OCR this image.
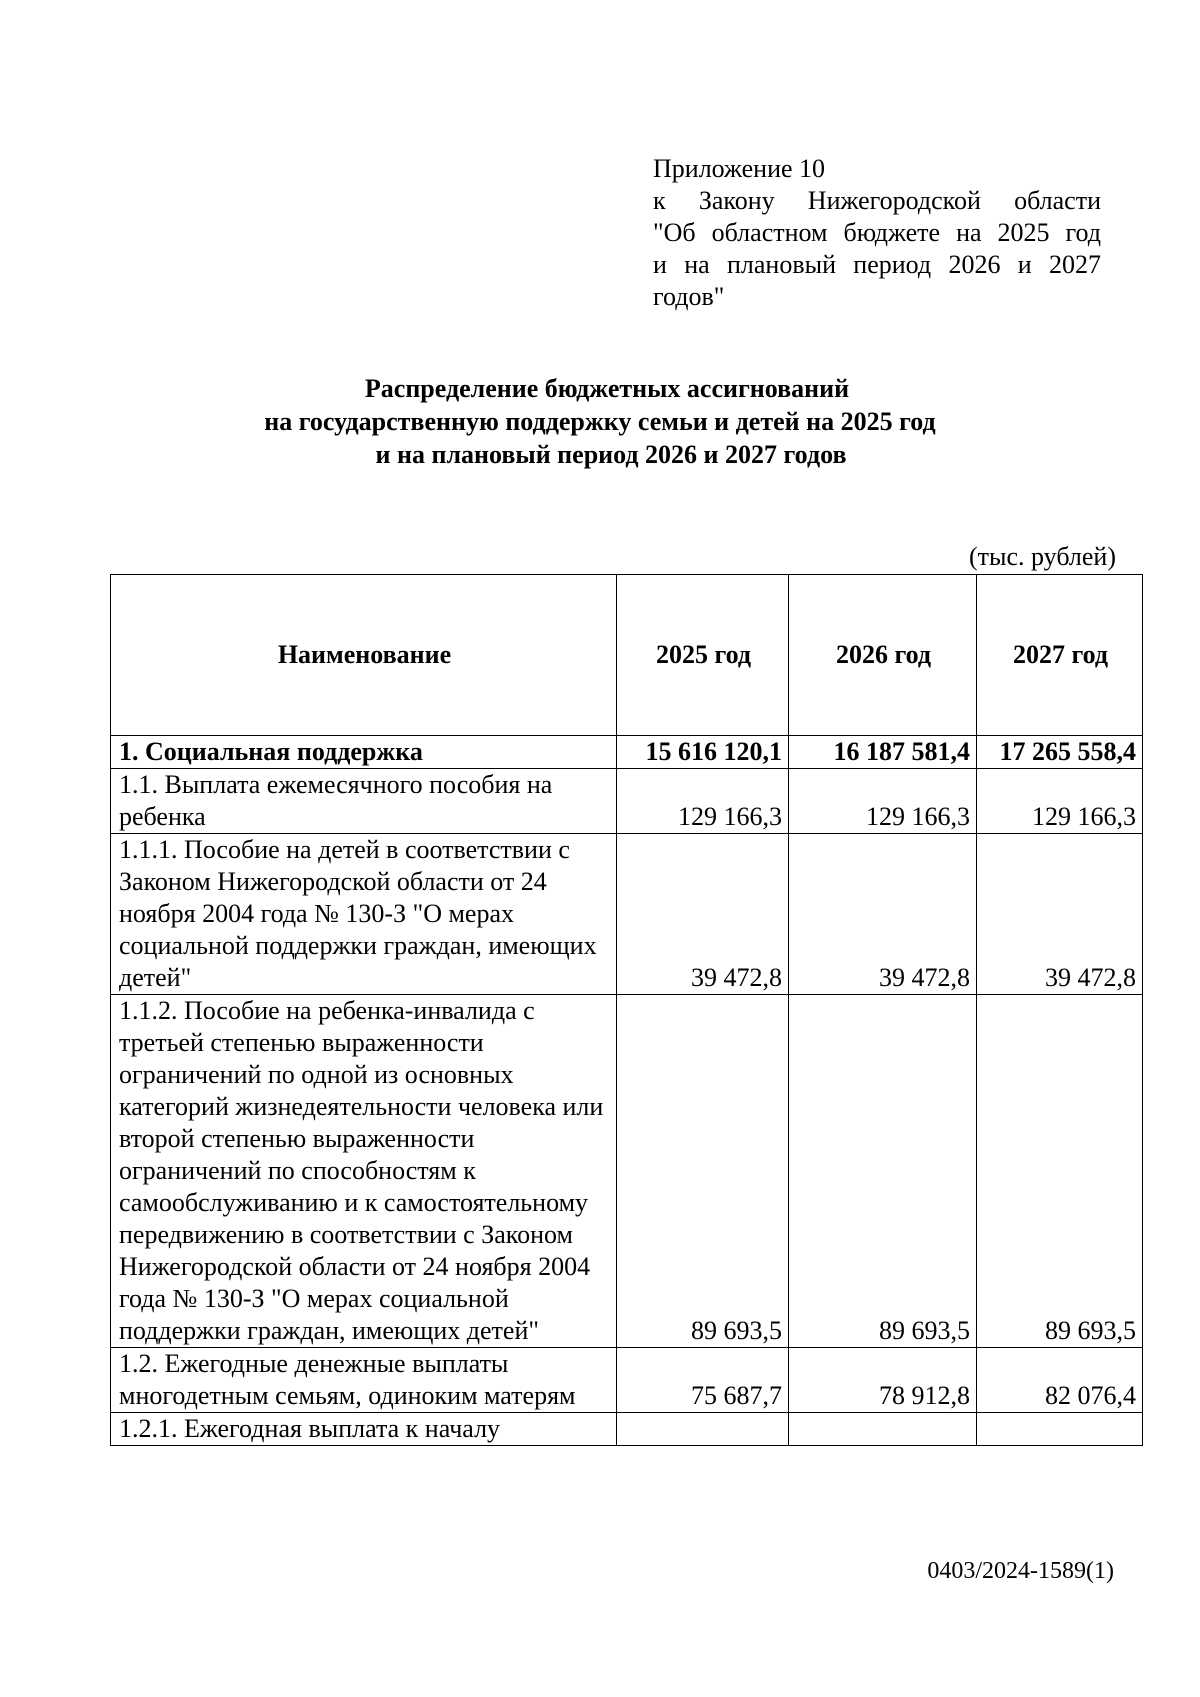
Приложение 10
к Закону Нижегородской области
"Об областном бюджете на 2025 год
и на плановый период 2026 и 2027
годов"
Распределение бюджетных ассигнований
на государственную поддержку семьи и детей на 2025 год
и на плановый период 2026 и 2027 годов
(тыс. рублей)
Наименование	2025 год	2026 год	2027 год
1. Социальная поддержка	15 616 120,1	16 187 581,4	17 265 558,4
1.1. Выплата ежемесячного пособия на ребенка	129 166,3	129 166,3	129 166,3
1.1.1. Пособие на детей в соответствии с Законом Нижегородской области от 24 ноября 2004 года № 130-З "О мерах социальной поддержки граждан, имеющих детей"	39 472,8	39 472,8	39 472,8
1.1.2. Пособие на ребенка-инвалида с третьей степенью выраженности ограничений по одной из основных категорий жизнедеятельности человека или второй степенью выраженности ограничений по способностям к самообслуживанию и к самостоятельному передвижению в соответствии с Законом Нижегородской области от 24 ноября 2004 года № 130-З "О мерах социальной поддержки граждан, имеющих детей"	89 693,5	89 693,5	89 693,5
1.2. Ежегодные денежные выплаты многодетным семьям, одиноким матерям	75 687,7	78 912,8	82 076,4
1.2.1. Ежегодная выплата к началу			
0403/2024-1589(1)
